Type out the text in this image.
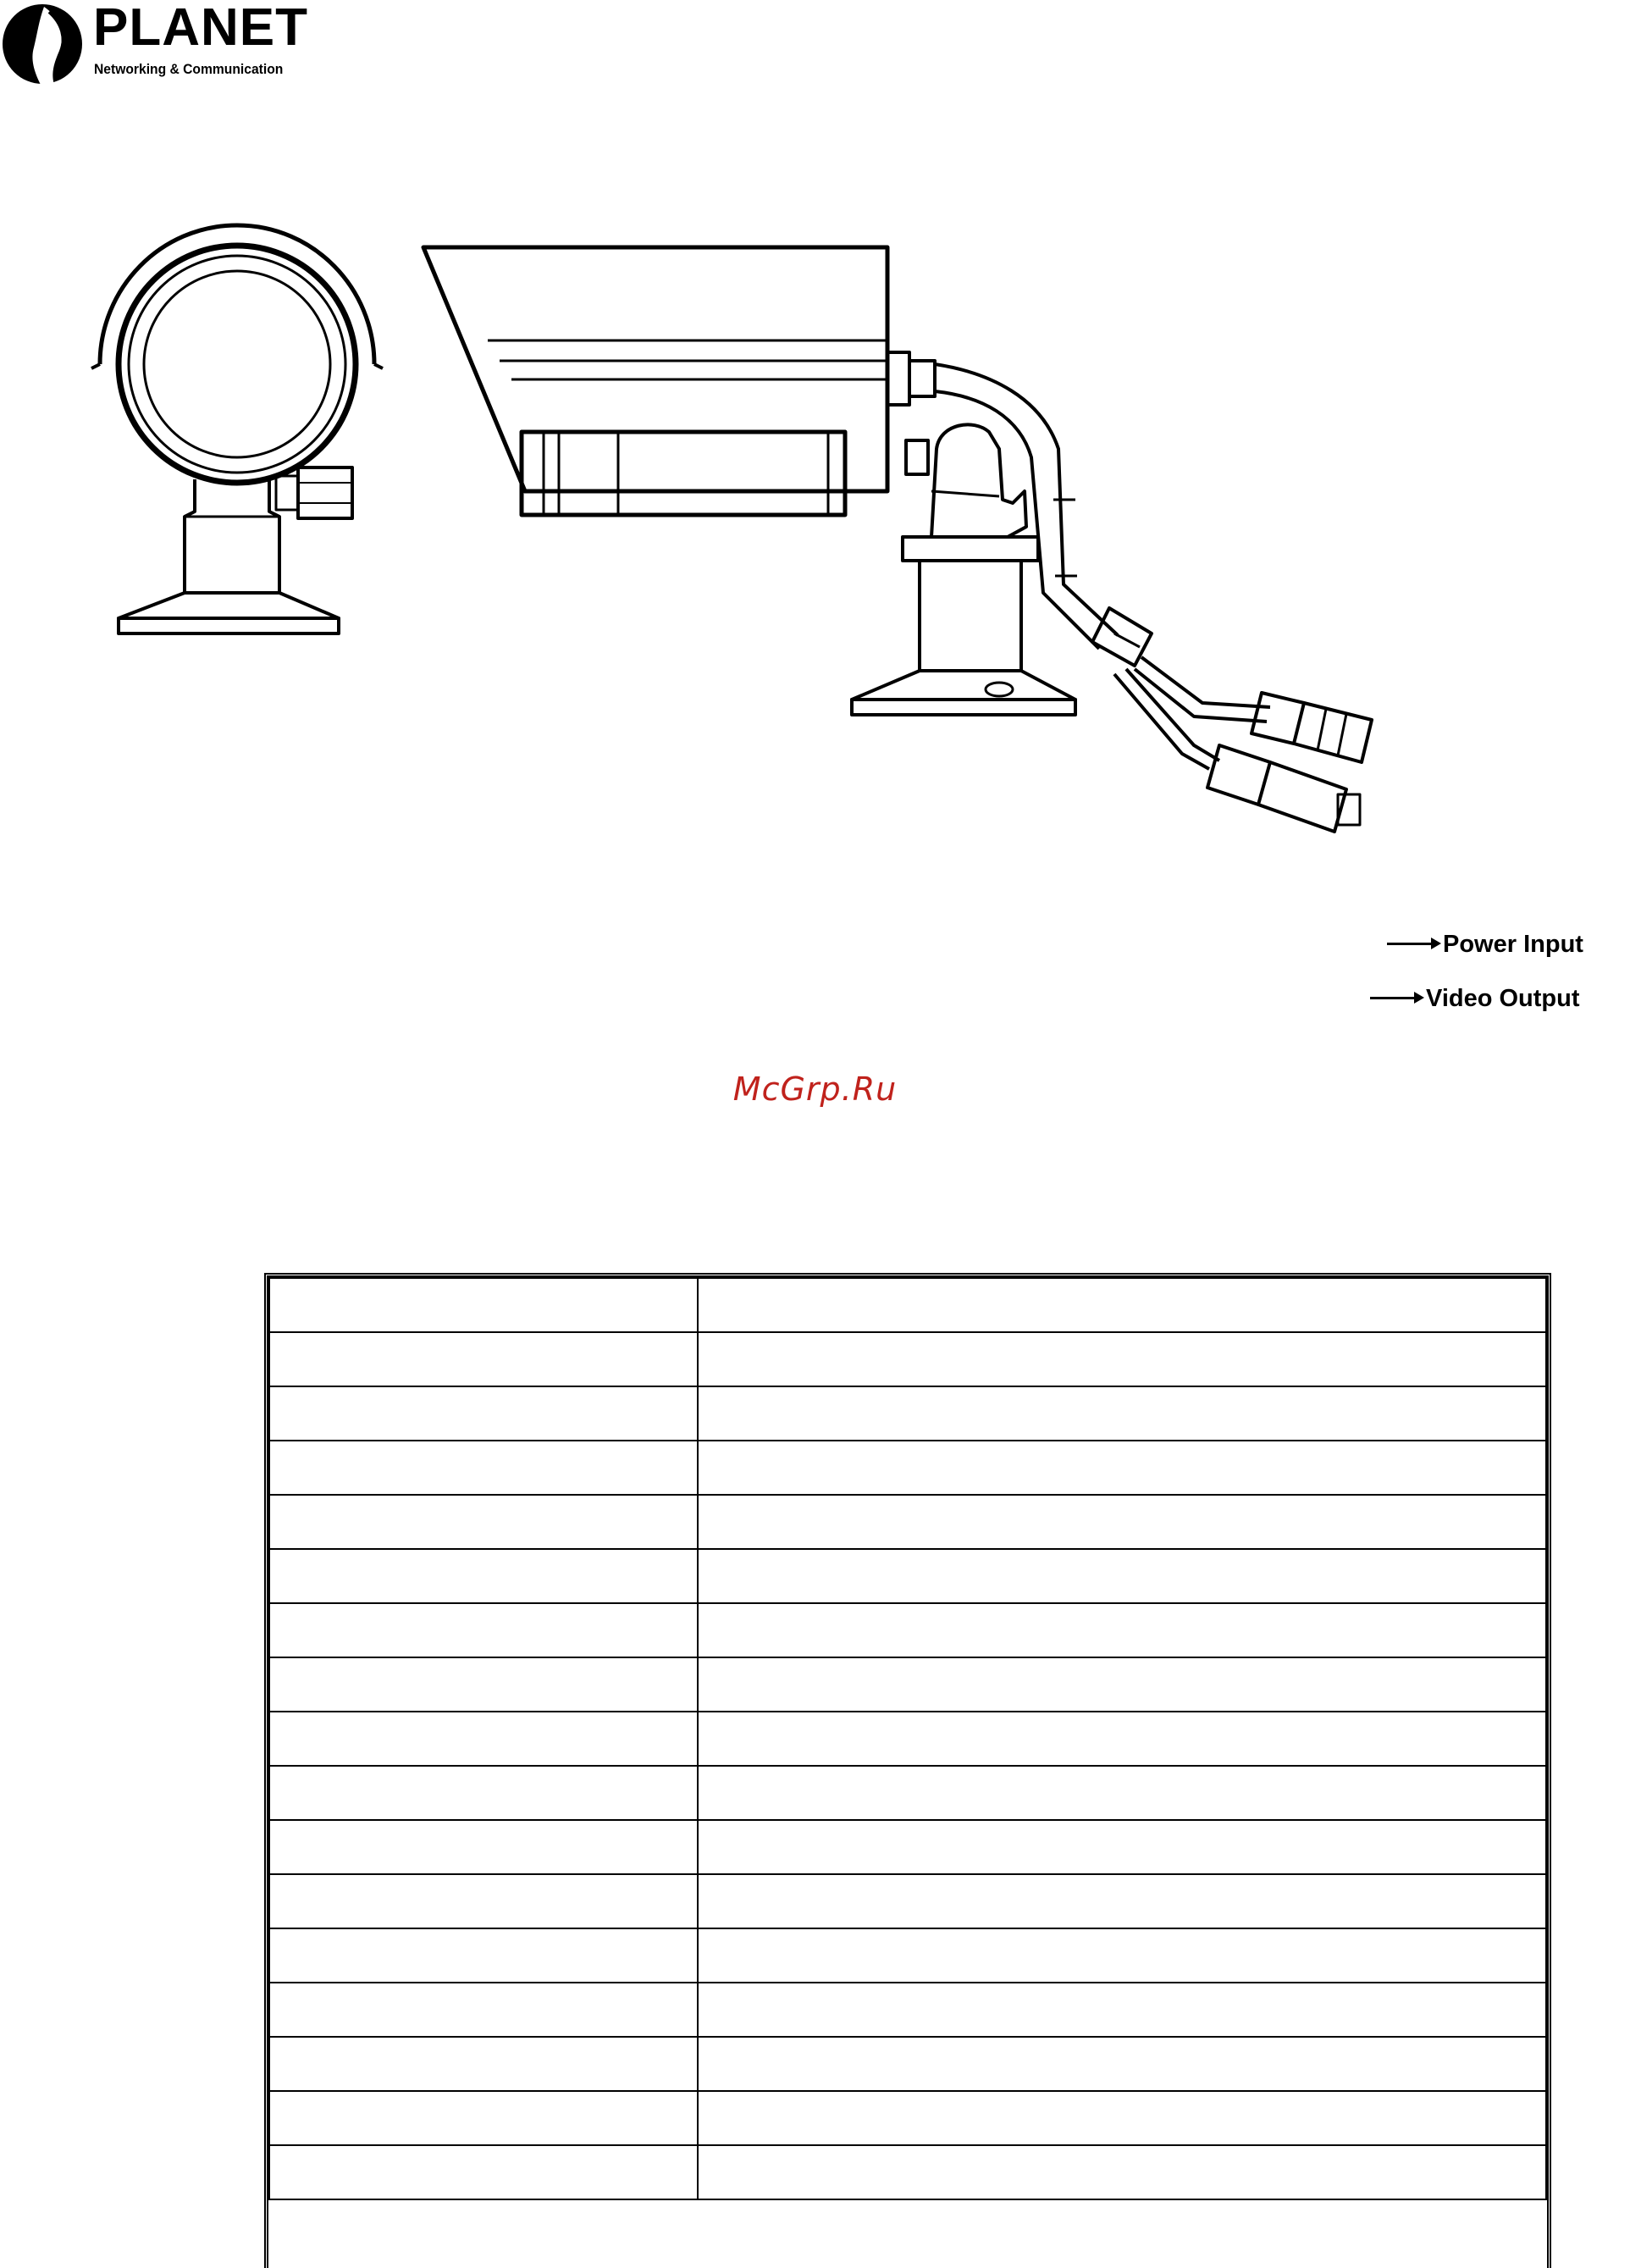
PLANET
Networking & Communication
Power Input
Video Output
McGrp.Ru
